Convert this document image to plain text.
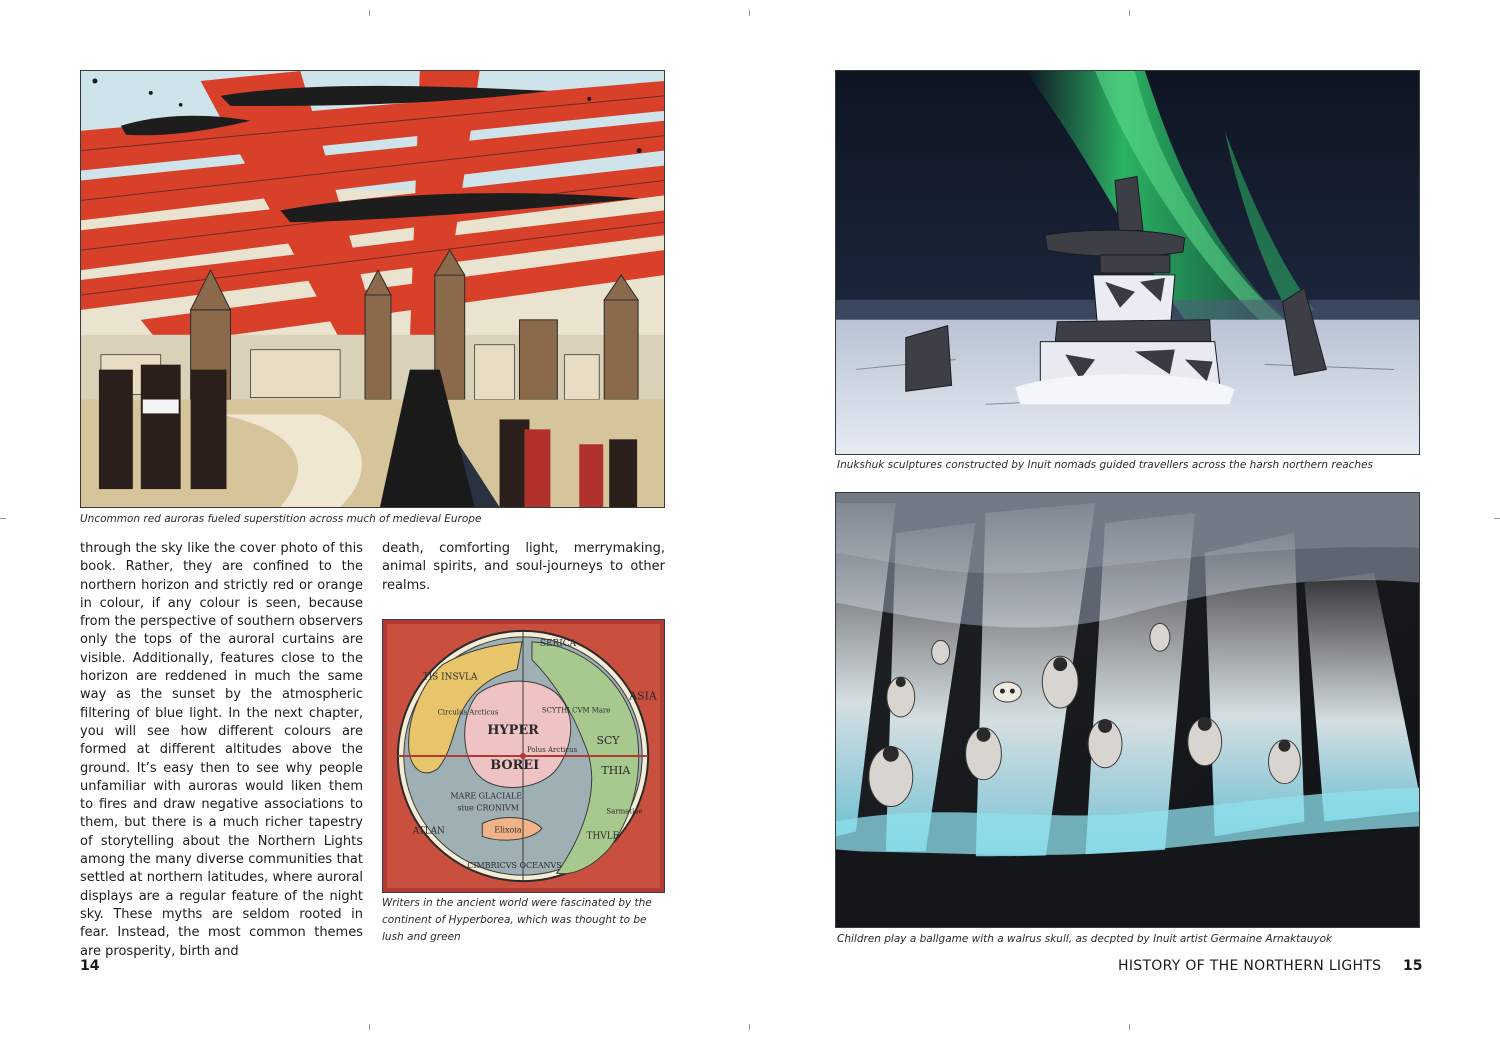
Uncommon red auroras fueled superstition across much of medieval Europe
through the sky like the cover photo of this book. Rather, they are confined to the northern horizon and strictly red or orange in colour, if any colour is seen, because from the perspective of southern observers only the tops of the auroral curtains are visible. Additionally, features close to the horizon are reddened in much the same way as the sunset by the atmospheric filtering of blue light. In the next chapter, you will see how different colours are formed at different altitudes above the ground. It’s easy then to see why people unfamiliar with auroras would liken them to fires and draw negative associations to them, but there is a much richer tapestry of storytelling about the Northern Lights among the many diverse communities that settled at northern latitudes, where auroral displays are a regular feature of the night sky. These myths are seldom rooted in fear. Instead, the most common themes are prosperity, birth and
death, comforting light, merrymaking, animal spirits, and soul-journeys to other realms.
SERICA
HYPER
BOREI
SCYTHI CVM Mare
SCY
THIA
ASIA
ATLAN
TIS INSVLA
Circulus Arcticus
MARE GLACIALE
siue CRONIVM
Polus Arcticus
Elixoia
THVLE
CIMBRICVS OCEANVS
Sarmatiae
Writers in the ancient world were fascinated by the continent of Hyperborea, which was thought to be lush and green
14
Inukshuk sculptures constructed by Inuit nomads guided travellers across the harsh northern reaches
Children play a ballgame with a walrus skull, as decpted by Inuit artist Germaine Arnaktauyok
HISTORY OF THE NORTHERN LIGHTS 15
